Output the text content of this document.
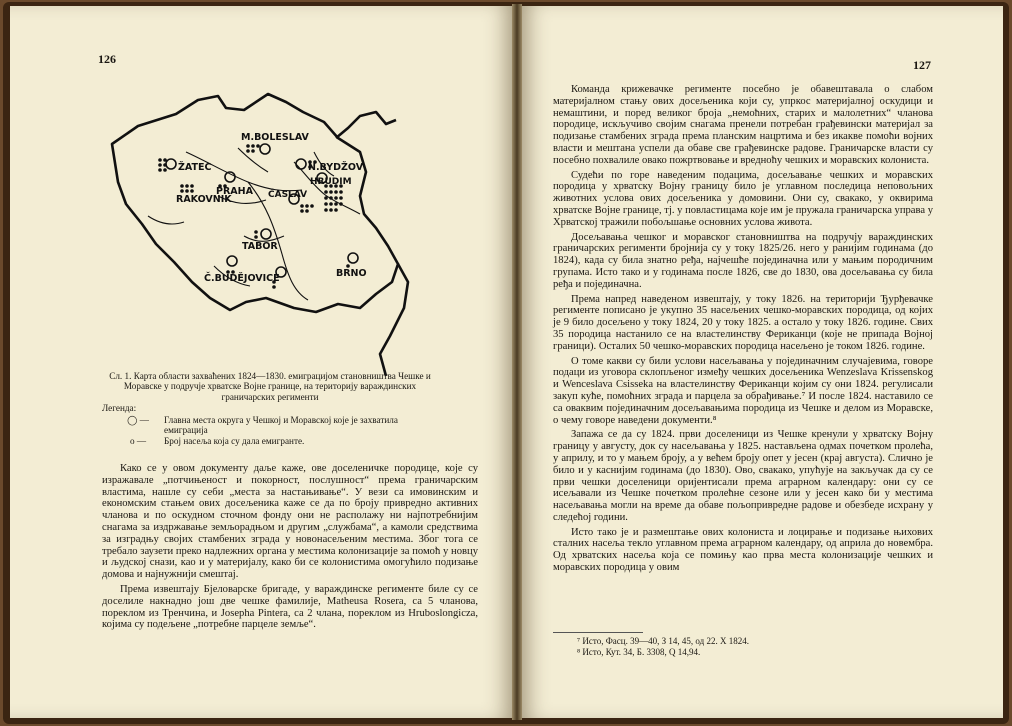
126
M.BOLESLAV
ŽATEC	N.BYDŽOV
HRUDIM
PRAHA
RAKOVNIK	ČASLAV
TABOR
BRNO
Č.BUDĚJOVICE

Сл. 1. Карта области захваћених 1824—1830. емиграцијом становништва Чешке и Моравске у подручје хрватске Војне границе, на територију вараждинских граничарских регименти

Легенда:
◯ —	Главна места округа у Чешкој и Моравској које је захватила емиграција
o —	Број насеља која су дала емигранте.

Како се у овом документу даље каже, ове доселеничке породице, које су изражавале „потчињеност и покорност, послушност“ према граничарским властима, нашле су себи „места за настањивање“. У вези са имовинским и економским стањем ових досељеника каже се да по броју привредно активних чланова и по оскудном сточном фонду они не располажу ни најпотребнијим снагама за издржавање земљорадњом и другим „службама“, а камоли средствима за изградњу својих стамбених зграда у новонасељеним местима. Због тога се требало заузети преко надлежних органа у местима колонизације за помоћ у новцу и људској снази, као и у материјалу, како би се колонистима омогућило подизање домова и најнужнији смештај.

Према извештају Бјеловарске бригаде, у вараждинске регименте биле су се доселиле накнадно још две чешке фамилије, Matheusa Rosera, са 5 чланова, пореклом из Тренчина, и Josepha Pintera, са 2 члана, пореклом из Hruboslongicza, којима су подељене „потребне парцеле земље“.

127

Команда крижевачке регименте посебно је обавештавала о слабом материјалном стању ових досељеника који су, упркос материјалној оскудици и немаштини, и поред великог броја „немоћних, старих и малолетних“ чланова породице, искључиво својим снагама пренели потребан грађевински материјал за подизање стамбених зграда према планским нацртима и без икакве помоћи војних власти и мештана успели да обаве све грађевинске радове. Граничарске власти су посебно похвалиле овако пожртвовање и вредноћу чешких и моравских колониста.

Судећи по горе наведеним подацима, досељавање чешких и моравских породица у хрватску Војну границу било је углавном последица неповољних животних услова ових досељеника у домовини. Они су, свакако, у оквирима хрватске Војне границе, тј. у повластицама које им је пружала граничарска управа у Хрватској тражили побољшање основних услова живота.

Досељавања чешког и моравског становништва на подручју вараждинских граничарских регименти бројнија су у току 1825/26. него у ранијим годинама (до 1824), када су била знатно ређа, најчешће појединачна или у мањим породичним групама. Исто тако и у годинама после 1826, све до 1830, ова досељавања су била ређа и појединачна.

Према напред наведеном извештају, у току 1826. на територији Ђурђевачке регименте пописано је укупно 35 насељених чешко-моравских породица, од којих је 9 било досељено у току 1824, 20 у току 1825. а остало у току 1826. године. Свих 35 породица настанило се на властелинству Фериканци (које не припада Војној граници). Осталих 50 чешко-моравских породица насељено је током 1826. године.

О томе какви су били услови насељавања у појединачним случајевима, говоре подаци из уговора склопљеног између чешких досељеника Wenzeslava Krissenskog и Wenceslava Csisseka на властелинству Фериканци којим су они 1824. регулисали закуп куће, помоћних зграда и парцела за обрађивање.⁷ И после 1824. наставило се са оваквим појединачним досељавањима породица из Чешке и делом из Моравске, о чему говоре наведени документи.⁸

Запажа се да су 1824. први доселеници из Чешке кренули у хрватску Војну границу у августу, док су насељавања у 1825. настављена одмах почетком пролећа, у априлу, и то у мањем броју, а у већем броју опет у јесен (крај августа). Слично је било и у каснијим годинама (до 1830). Ово, свакако, упућује на закључак да су се први чешки доселеници оријентисали према аграрном календару: они су се исељавали из Чешке почетком пролећне сезоне или у јесен како би у местима насељавања могли на време да обаве пољопривредне радове и обезбеде исхрану у следећој години.

Исто тако је и размештање ових колониста и лоцирање и подизање њихових сталних насеља текло углавном према аграрном календару, од априла до новембра. Од хрватских насеља која се помињу као прва места колонизације чешких и моравских породица у овим

⁷ Исто, Фасц. 39—40, З 14, 45, од 22. X 1824.
⁸ Исто, Кут. 34, Б. 3308, Q 14,94.
